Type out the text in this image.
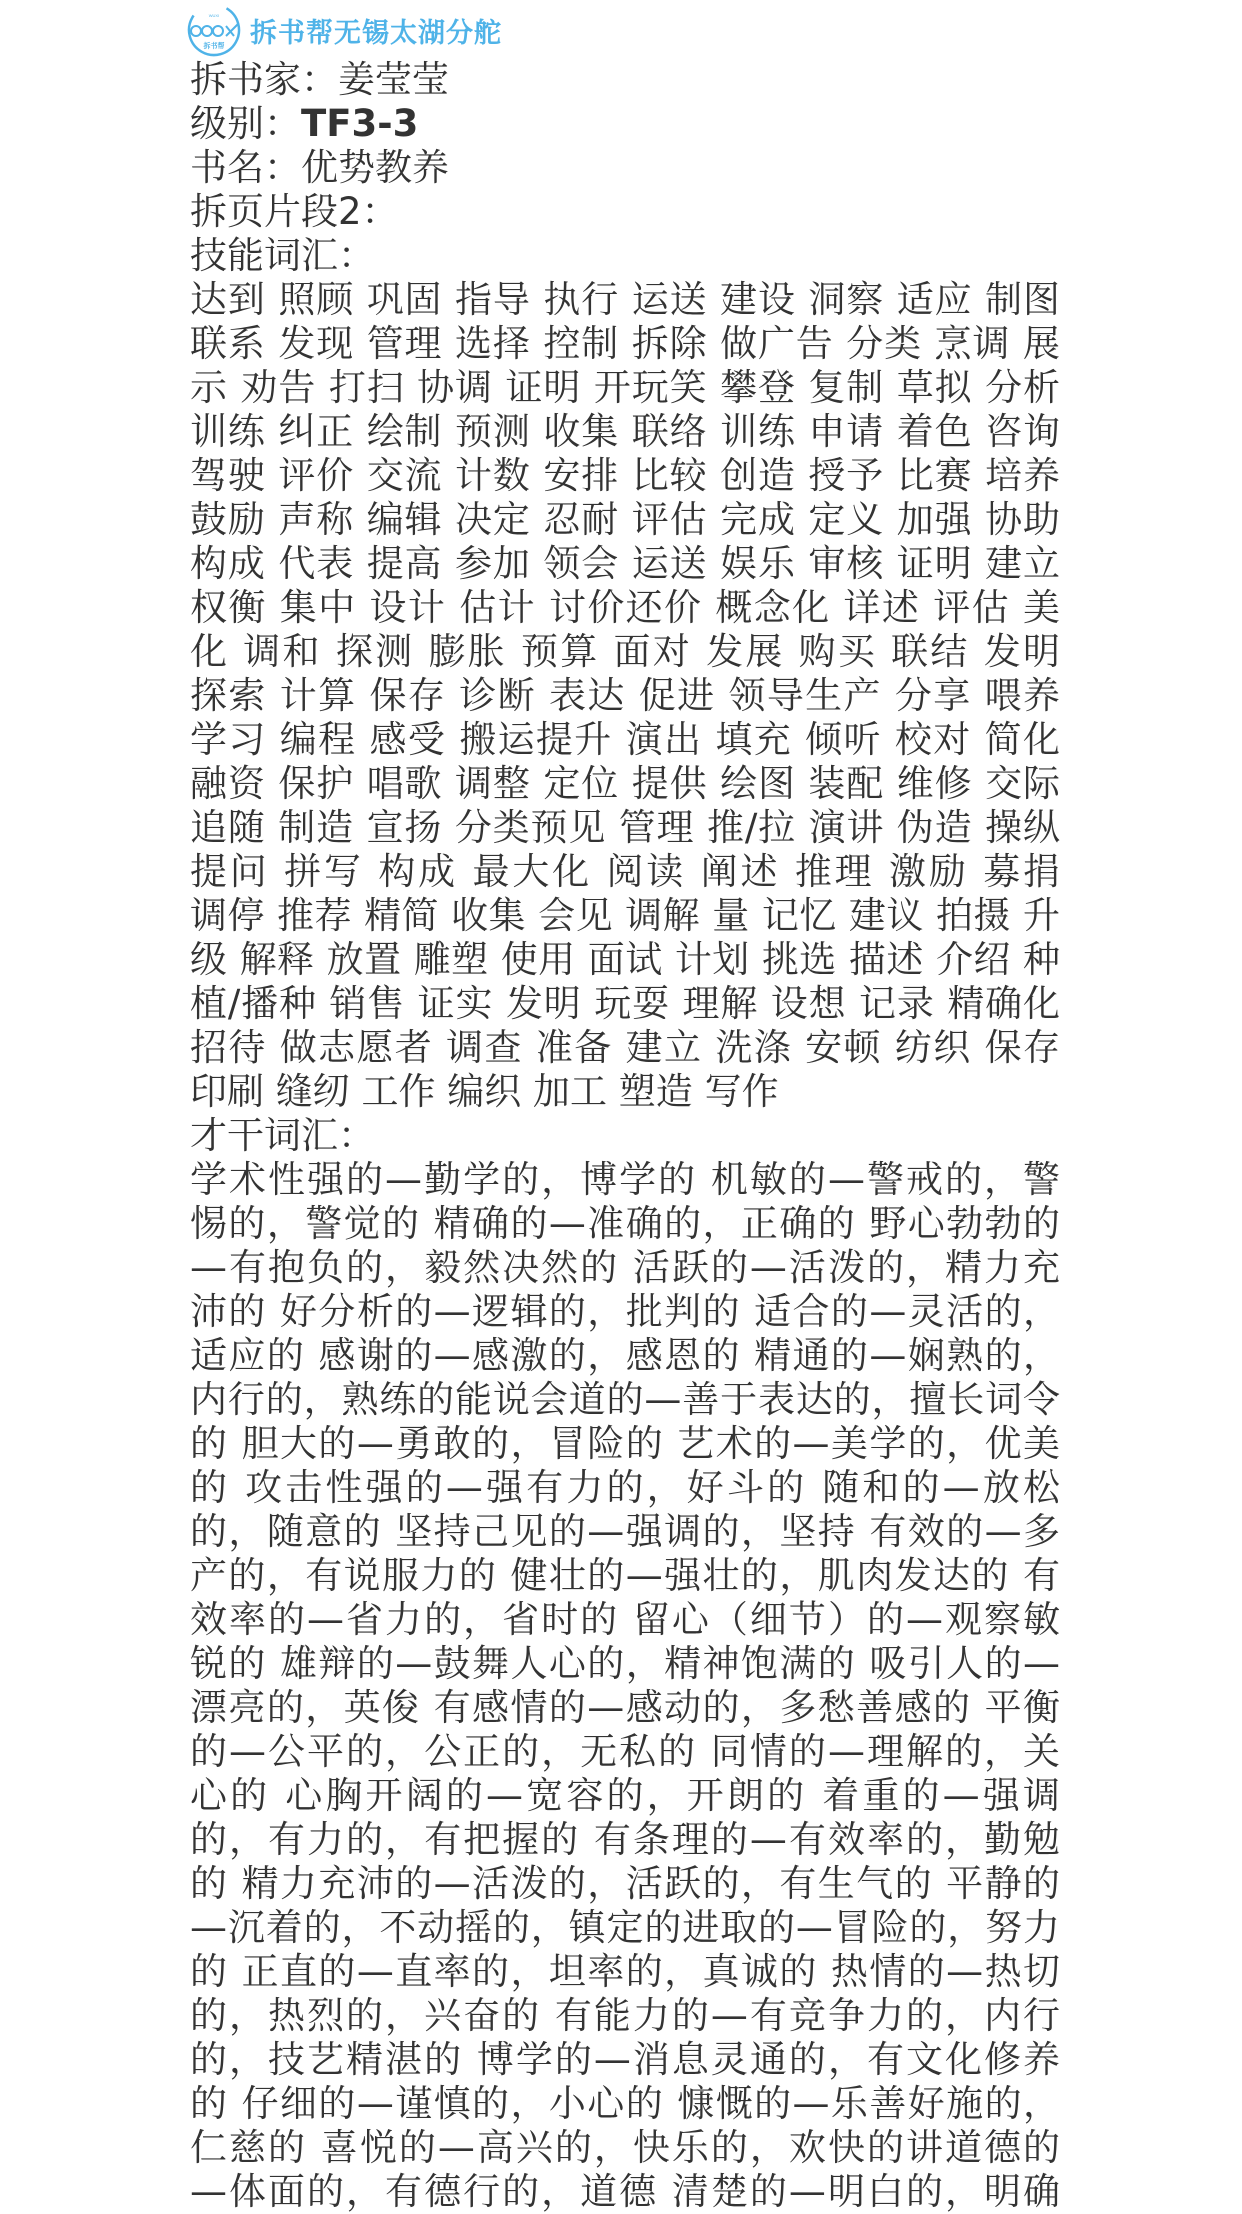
WUXI
拆书帮 拆书帮无锡太湖分舵
拆书家：姜莹莹
级别：TF3-3
书名：优势教养
拆页片段2：
技能词汇：
达到 照顾 巩固 指导 执行 运送 建设 洞察 适应 制图
联系 发现 管理 选择 控制 拆除 做广告 分类 烹调 展
示 劝告 打扫 协调 证明 开玩笑 攀登 复制 草拟 分析
训练 纠正 绘制 预测 收集 联络 训练 申请 着色 咨询
驾驶 评价 交流 计数 安排 比较 创造 授予 比赛 培养
鼓励 声称 编辑 决定 忍耐 评估 完成 定义 加强 协助
构成 代表 提高 参加 领会 运送 娱乐 审核 证明 建立
权衡 集中 设计 估计 讨价还价 概念化 详述 评估 美
化 调和 探测 膨胀 预算 面对 发展 购买 联结 发明
探索 计算 保存 诊断 表达 促进 领导生产 分享 喂养
学习 编程 感受 搬运提升 演出 填充 倾听 校对 简化
融资 保护 唱歌 调整 定位 提供 绘图 装配 维修 交际
追随 制造 宣扬 分类预见 管理 推/拉 演讲 伪造 操纵
提问 拼写 构成 最大化 阅读 阐述 推理 激励 募捐
调停 推荐 精简 收集 会见 调解 量 记忆 建议 拍摄 升
级 解释 放置 雕塑 使用 面试 计划 挑选 描述 介绍 种
植/播种 销售 证实 发明 玩耍 理解 设想 记录 精确化
招待 做志愿者 调查 准备 建立 洗涤 安顿 纺织 保存
印刷 缝纫 工作 编织 加工 塑造 写作
才干词汇：
学术性强的—勤学的，博学的 机敏的—警戒的，警
惕的，警觉的 精确的—准确的，正确的 野心勃勃的
—有抱负的，毅然决然的 活跃的—活泼的，精力充
沛的 好分析的—逻辑的，批判的 适合的—灵活的，
适应的 感谢的—感激的，感恩的 精通的—娴熟的，
内行的，熟练的能说会道的—善于表达的，擅长词令
的 胆大的—勇敢的，冒险的 艺术的—美学的，优美
的 攻击性强的—强有力的，好斗的 随和的—放松
的，随意的 坚持己见的—强调的，坚持 有效的—多
产的，有说服力的 健壮的—强壮的，肌肉发达的 有
效率的—省力的，省时的 留心（细节）的—观察敏
锐的 雄辩的—鼓舞人心的，精神饱满的 吸引人的—
漂亮的，英俊 有感情的—感动的，多愁善感的 平衡
的—公平的，公正的，无私的 同情的—理解的，关
心的 心胸开阔的—宽容的，开朗的 着重的—强调
的，有力的，有把握的 有条理的—有效率的，勤勉
的 精力充沛的—活泼的，活跃的，有生气的 平静的
—沉着的，不动摇的，镇定的进取的—冒险的，努力
的 正直的—直率的，坦率的，真诚的 热情的—热切
的，热烈的，兴奋的 有能力的—有竞争力的，内行
的，技艺精湛的 博学的—消息灵通的，有文化修养
的 仔细的—谨慎的，小心的 慷慨的—乐善好施的，
仁慈的 喜悦的—高兴的，快乐的，欢快的讲道德的
—体面的，有德行的，道德 清楚的—明白的，明确
